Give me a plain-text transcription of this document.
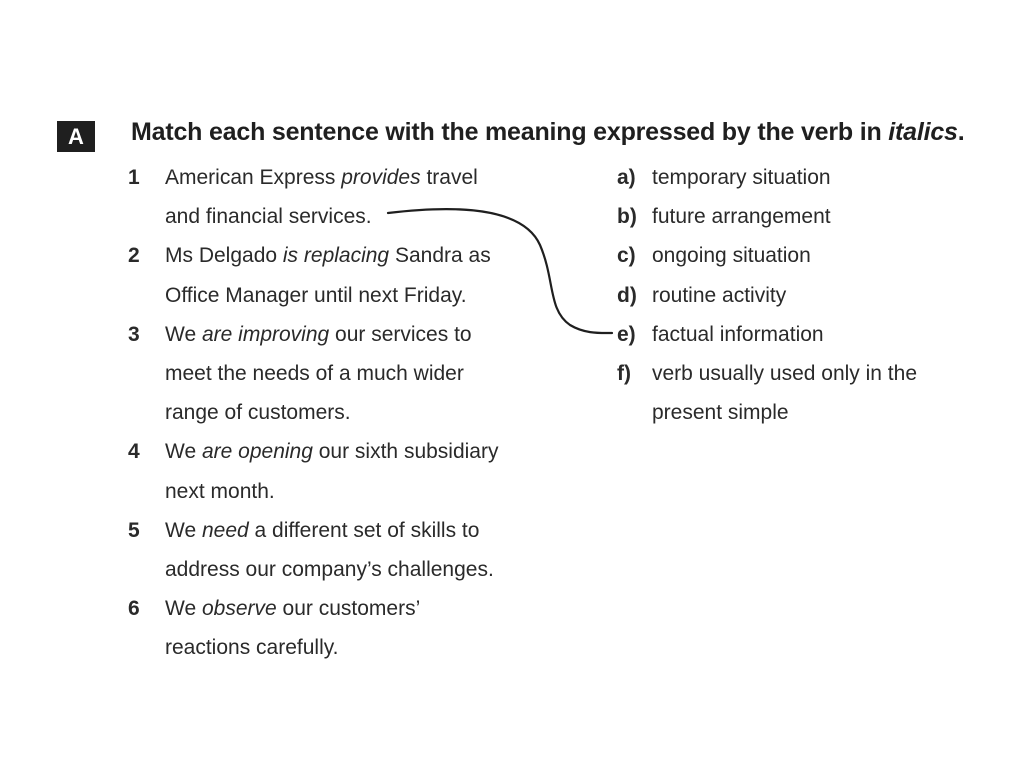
A Match each sentence with the meaning expressed by the verb in italics.
1 American Express provides travel
and financial services.
2 Ms Delgado is replacing Sandra as
Office Manager until next Friday.
3 We are improving our services to
meet the needs of a much wider
range of customers.
4 We are opening our sixth subsidiary
next month.
5 We need a different set of skills to
address our company’s challenges.
6 We observe our customers’
reactions carefully.
a) temporary situation
b) future arrangement
c) ongoing situation
d) routine activity
e) factual information
f) verb usually used only in the
present simple
